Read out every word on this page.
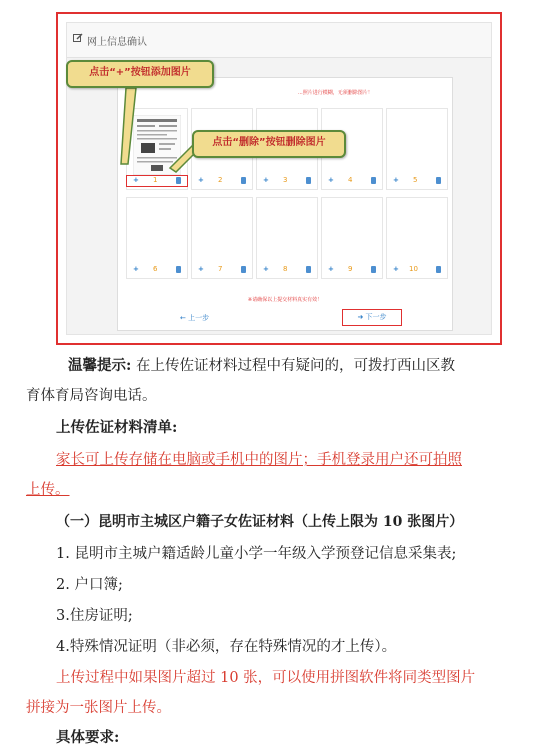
网上信息确认
...照片进行模糊，无须删除图片！
+ 1	+ 2	+ 3	+ 4	+ 5
+ 6	+ 7	+ 8	+ 9	+ 10
※请确保以上提交材料真实有效！
← 上一步	➜ 下一步
点击“+”按钮添加图片
点击“删除”按钮删除图片
温馨提示: 在上传佐证材料过程中有疑问的，可拨打西山区教
育体育局咨询电话。
上传佐证材料清单:
家长可上传存储在电脑或手机中的图片；手机登录用户还可拍照
上传。
（一）昆明市主城区户籍子女佐证材料（上传上限为 10 张图片）
1. 昆明市主城户籍适龄儿童小学一年级入学预登记信息采集表;
2. 户口簿;
3.住房证明;
4.特殊情况证明（非必须，存在特殊情况的才上传）。
上传过程中如果图片超过 10 张，可以使用拼图软件将同类型图片
拼接为一张图片上传。
具体要求:
